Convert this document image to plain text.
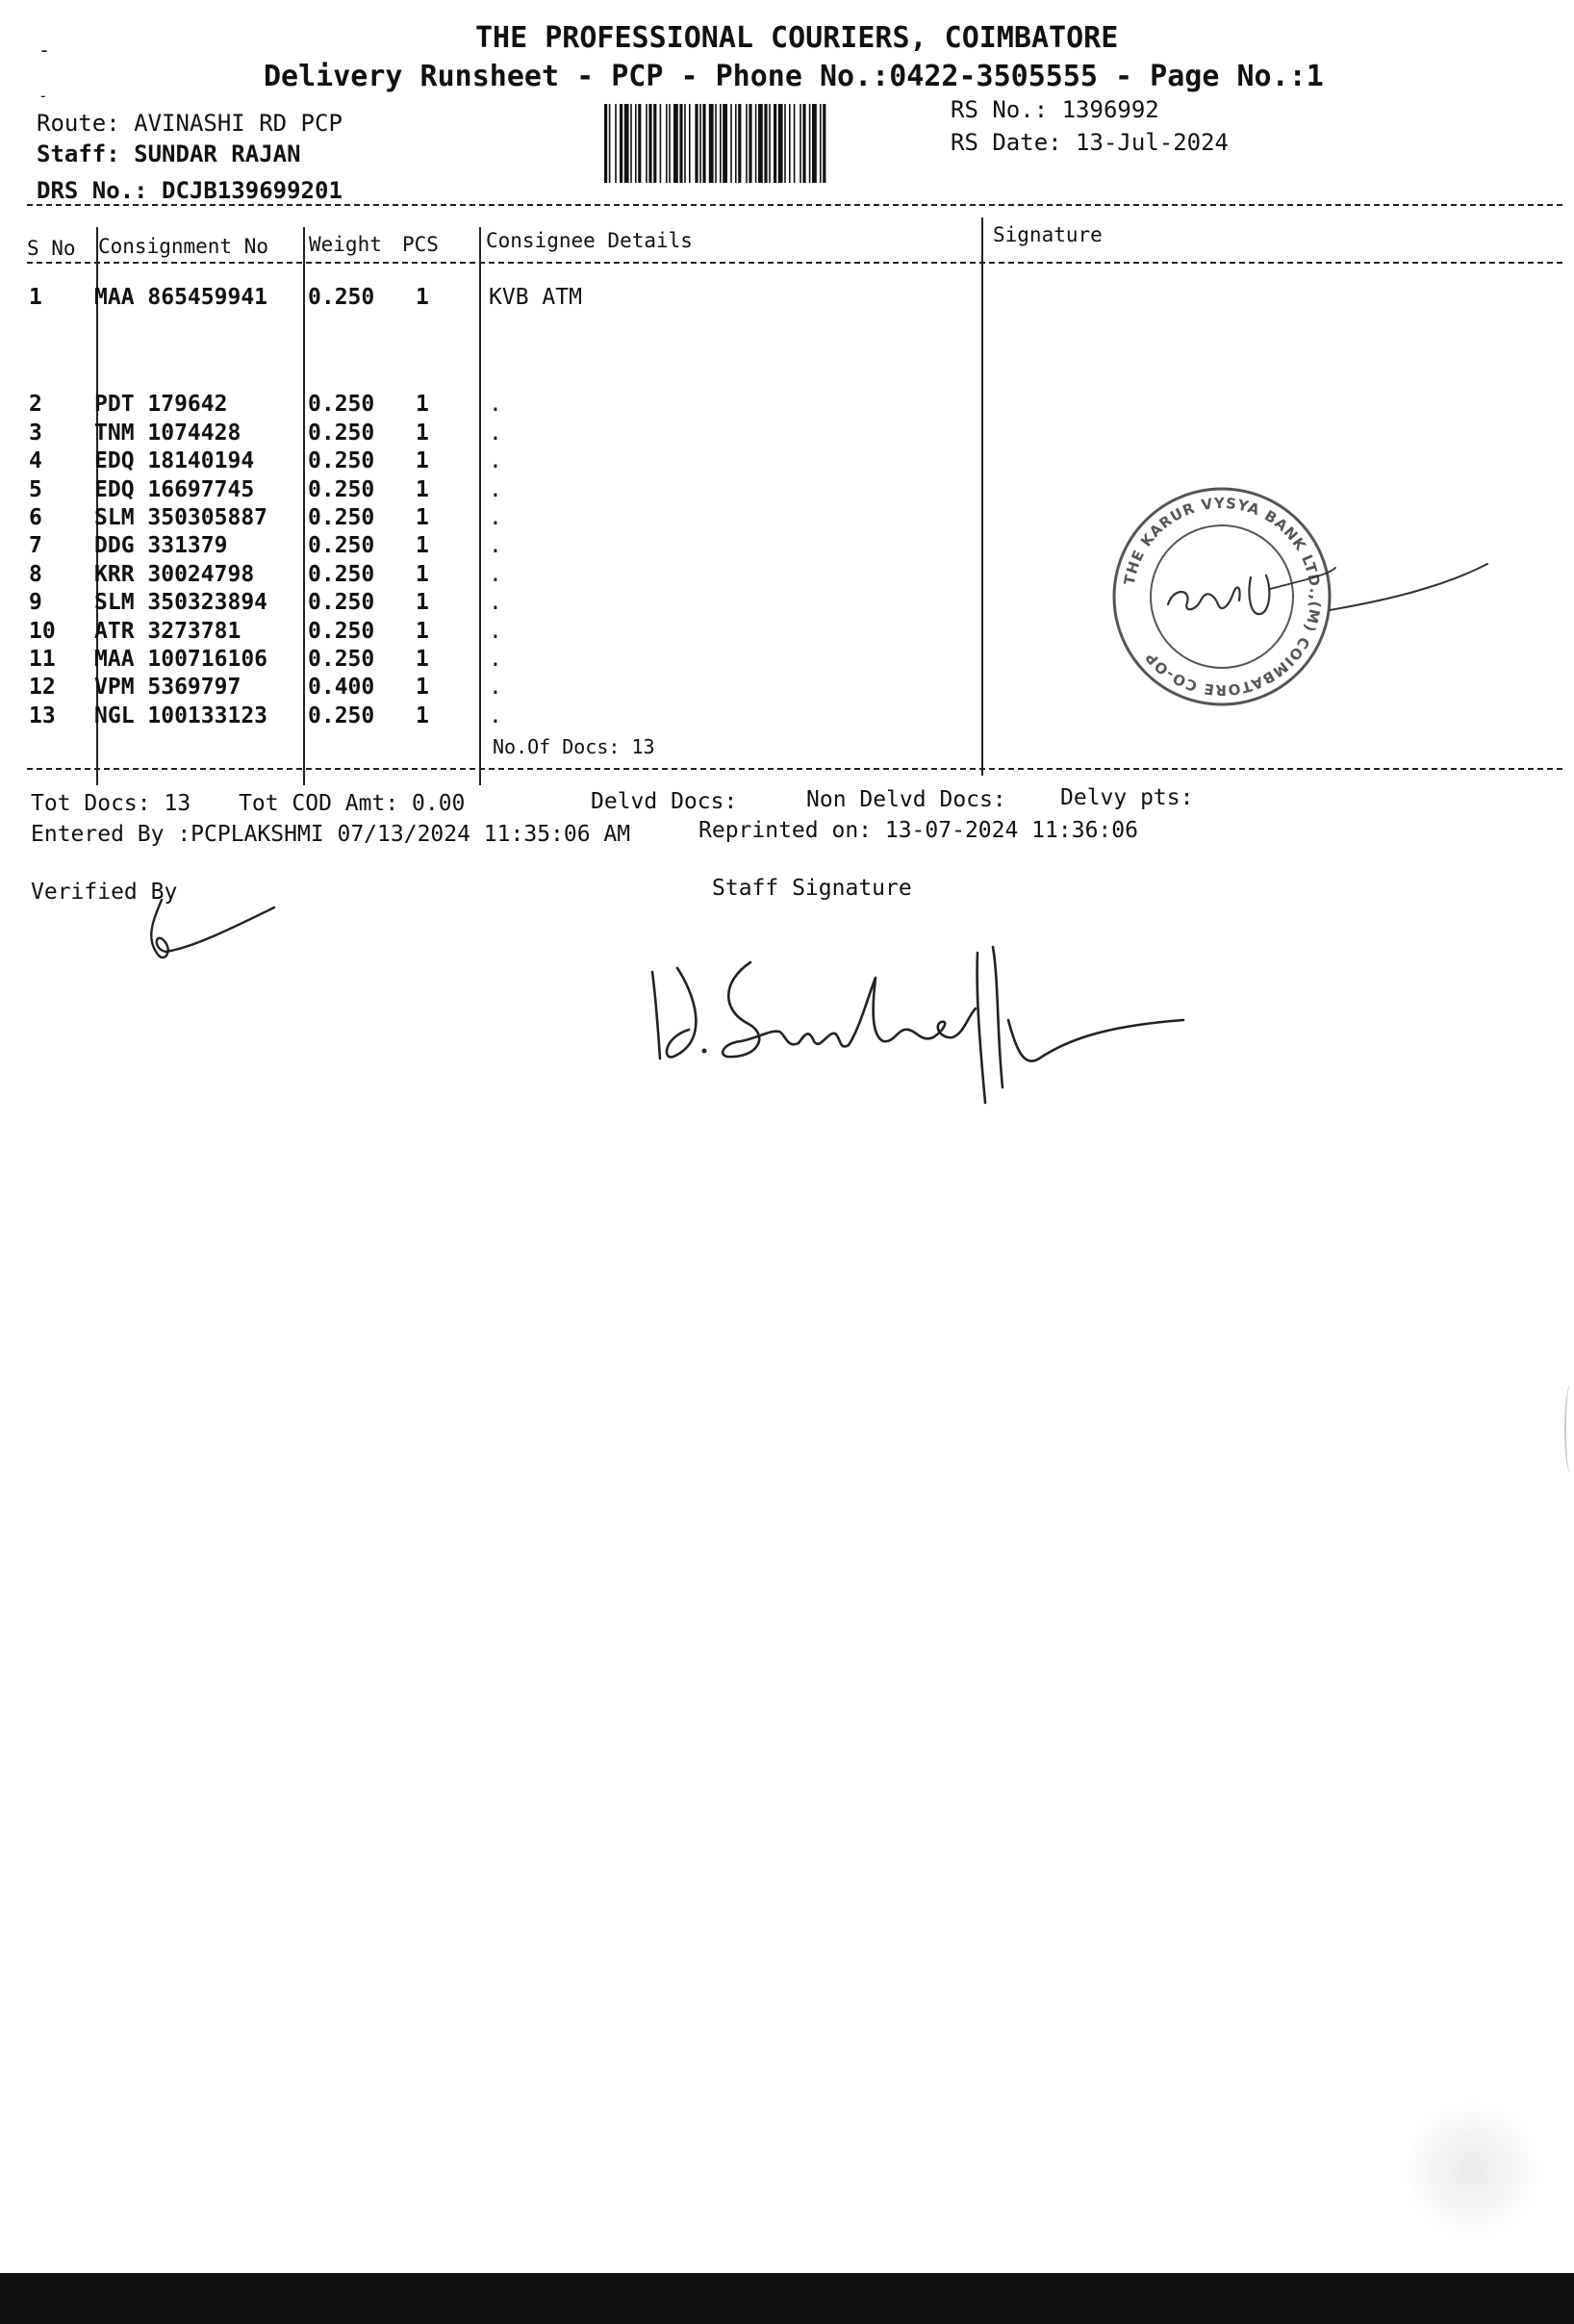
-
-
THE PROFESSIONAL COURIERS, COIMBATORE
Delivery Runsheet - PCP - Phone No.:0422-3505555 - Page No.:1
Route: AVINASHI RD PCP
Staff: SUNDAR RAJAN
DRS No.: DCJB139699201
RS No.: 1396992
RS Date: 13-Jul-2024
S No Consignment No Weight PCS Consignee Details	Signature
1 MAA 865459941 0.250 1	KVB ATM
2 PDT 179642	0.250 1	.
3 TNM 1074428	0.250 1	.
4 EDQ 18140194 0.250 1	.
5 EDQ 16697745 0.250 1	.
6 SLM 350305887 0.250 1	.
7 DDG 331379	0.250 1	.
8 KRR 30024798 0.250 1	.
9 SLM 350323894 0.250 1	.
10 ATR 3273781	0.250 1	.
11 MAA 100716106 0.250 1	.
12 VPM 5369797	0.400 1	.
13 NGL 100133123 0.250 1	.
No.Of Docs: 13
Tot Docs: 13 Tot COD Amt: 0.00	Delvd Docs:	Non Delvd Docs: Delvy pts:
Entered By :PCPLAKSHMI 07/13/2024 11:35:06 AM	Reprinted on: 13-07-2024 11:36:06
Verified By	Staff Signature
THE KARUR VYSYA BANK LTD.,(M) COIMBATORE CO-OP
